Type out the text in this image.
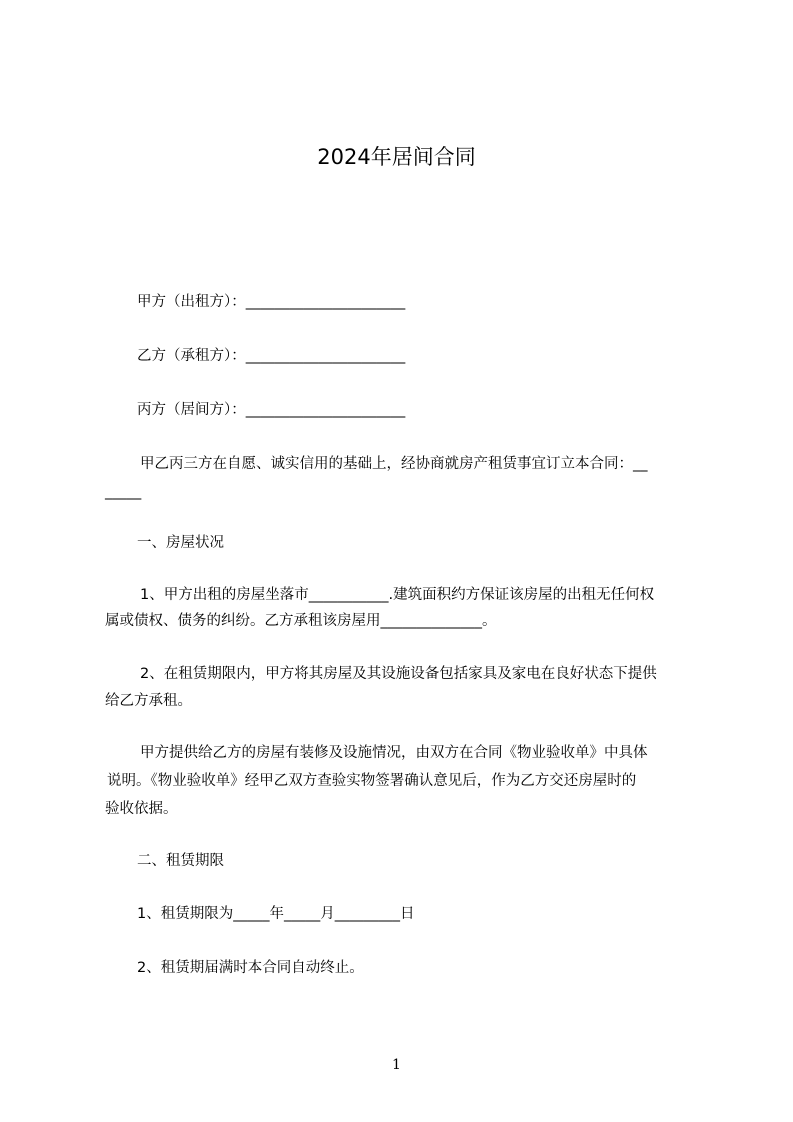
2024年居间合同
甲方（出租方）：______________________
乙方（承租方）：______________________
丙方（居间方）：______________________
甲乙丙三方在自愿、诚实信用的基础上，经协商就房产租赁事宜订立本合同：__
_____
一、房屋状况
1、甲方出租的房屋坐落市___________.建筑面积约方保证该房屋的出租无任何权
属或债权、债务的纠纷。乙方承租该房屋用______________。
2、在租赁期限内，甲方将其房屋及其设施设备包括家具及家电在良好状态下提供
给乙方承租。
甲方提供给乙方的房屋有装修及设施情况，由双方在合同《物业验收单》中具体
说明。《物业验收单》经甲乙双方查验实物签署确认意见后，作为乙方交还房屋时的
验收依据。
二、租赁期限
1、租赁期限为_____年_____月_________日
2、租赁期届满时本合同自动终止。
1
